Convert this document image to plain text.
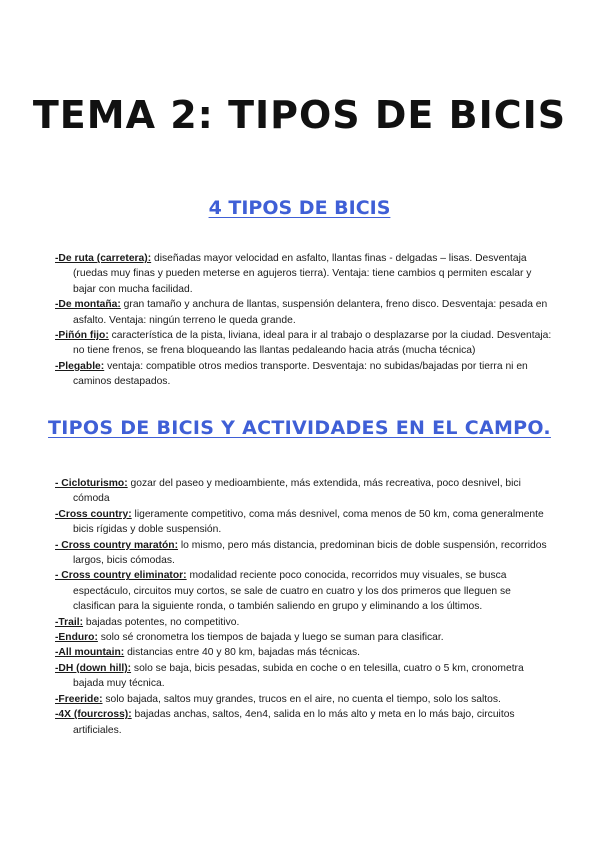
TEMA 2: TIPOS DE BICIS
4 TIPOS DE BICIS
-De ruta (carretera): diseñadas mayor velocidad en asfalto, llantas finas - delgadas – lisas. Desventaja (ruedas muy finas y pueden meterse en agujeros tierra). Ventaja: tiene cambios q permiten escalar y bajar con mucha facilidad.
-De montaña: gran tamaño y anchura de llantas, suspensión delantera, freno disco. Desventaja: pesada en asfalto. Ventaja: ningún terreno le queda grande.
-Piñón fijo: característica de la pista, liviana, ideal para ir al trabajo o desplazarse por la ciudad. Desventaja: no tiene frenos, se frena bloqueando las llantas pedaleando hacia atrás (mucha técnica)
-Plegable: ventaja: compatible otros medios transporte. Desventaja: no subidas/bajadas por tierra ni en caminos destapados.
TIPOS DE BICIS Y ACTIVIDADES EN EL CAMPO.
- Cicloturismo: gozar del paseo y medioambiente, más extendida, más recreativa, poco desnivel, bici cómoda
-Cross country: ligeramente competitivo, coma más desnivel, coma menos de 50 km, coma generalmente bicis rígidas y doble suspensión.
- Cross country maratón: lo mismo, pero más distancia, predominan bicis de doble suspensión, recorridos largos, bicis cómodas.
- Cross country eliminator: modalidad reciente poco conocida, recorridos muy visuales, se busca espectáculo, circuitos muy cortos, se sale de cuatro en cuatro y los dos primeros que lleguen se clasifican para la siguiente ronda, o también saliendo en grupo y eliminando a los últimos.
-Trail: bajadas potentes, no competitivo.
-Enduro: solo sé cronometra los tiempos de bajada y luego se suman para clasificar.
-All mountain: distancias entre 40 y 80 km, bajadas más técnicas.
-DH (down hill): solo se baja, bicis pesadas, subida en coche o en telesilla, cuatro o 5 km, cronometra bajada muy técnica.
-Freeride: solo bajada, saltos muy grandes, trucos en el aire, no cuenta el tiempo, solo los saltos.
-4X (fourcross): bajadas anchas, saltos, 4en4, salida en lo más alto y meta en lo más bajo, circuitos artificiales.
